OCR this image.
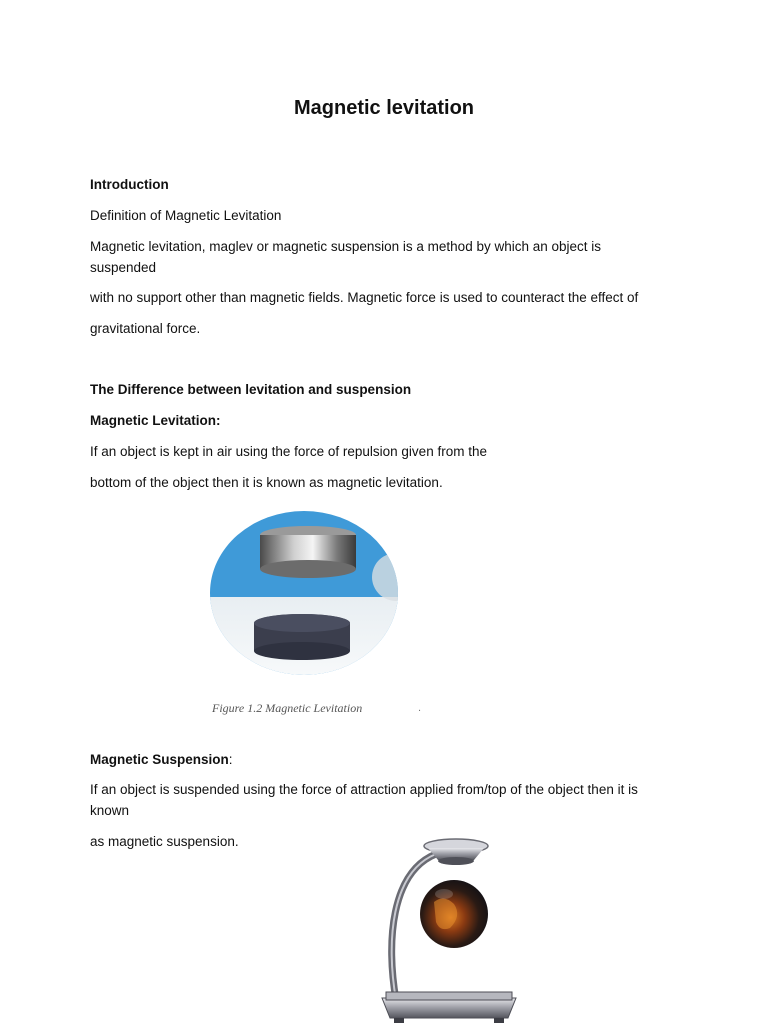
Magnetic levitation
Introduction
Definition of Magnetic Levitation
Magnetic levitation, maglev or magnetic suspension is a method by which an object is suspended
with no support other than magnetic fields. Magnetic force is used to counteract the effect of
gravitational force.
The Difference between levitation and suspension
Magnetic Levitation:
If an object is kept in air using the force of repulsion given from the
bottom of the object then it is known as magnetic levitation.
Figure 1.2 Magnetic Levitation	.
Magnetic Suspension:
If an object is suspended using the force of attraction applied from/top of the object then it is known
as magnetic suspension.
